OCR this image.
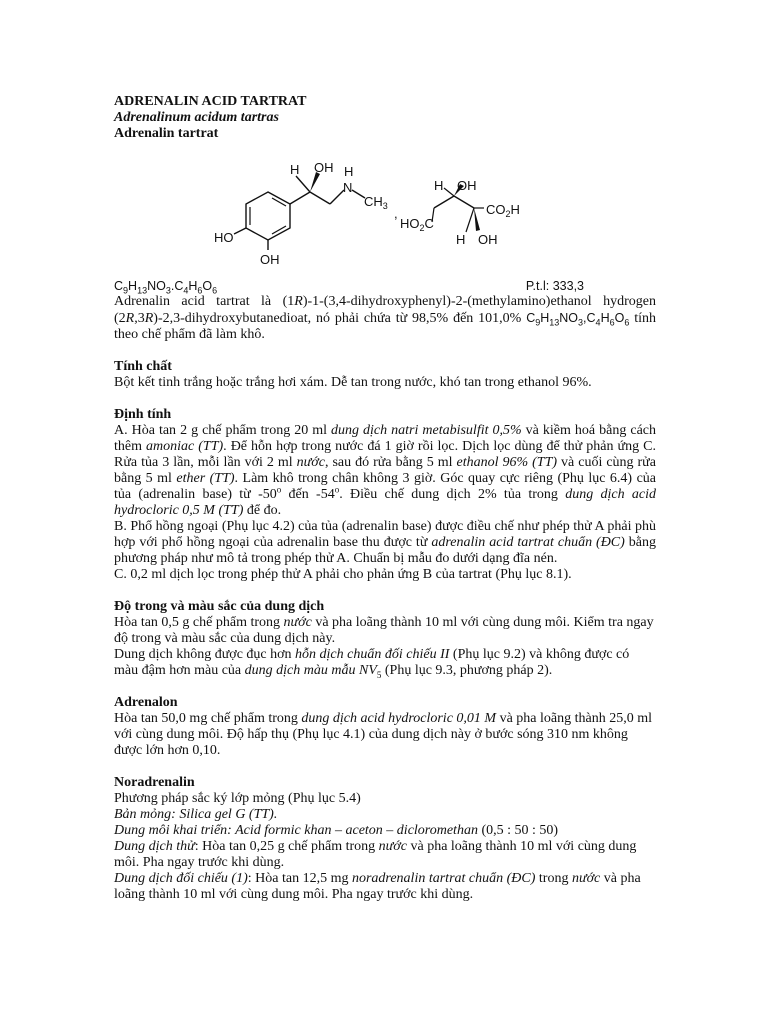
ADRENALIN ACID TARTRAT
Adrenalinum acidum tartras
Adrenalin tartrat
HO
OH
H OH H
N
$CH_3$ ,
H OH
$HO_2C$
$CO_2H$
H OH
$C_9H_{13}NO_3.C_4H_6O_6$	P.t.l: 333,3

Adrenalin acid tartrat là (1R)-1-(3,4-dihydroxyphenyl)-2-(methylamino)ethanol hydrogen (2R,3R)-2,3-dihydroxybutanedioat, nó phải chứa từ 98,5% đến 101,0% $C_9H_{13}NO_3,C_4H_6O_6$ tính theo chế phẩm đã làm khô.

Tính chất

Bột kết tinh trắng hoặc trắng hơi xám. Dễ tan trong nước, khó tan trong ethanol 96%.

Định tính

A. Hòa tan 2 g chế phẩm trong 20 ml dung dịch natri metabisulfit 0,5% và kiềm hoá bằng cách thêm amoniac (TT). Để hỗn hợp trong nước đá 1 giờ rồi lọc. Dịch lọc dùng để thử phản ứng C. Rửa tủa 3 lần, mỗi lần với 2 ml nước, sau đó rửa bằng 5 ml ethanol 96% (TT) và cuối cùng rửa bằng 5 ml ether (TT). Làm khô trong chân không 3 giờ. Góc quay cực riêng (Phụ lục 6.4) của tủa (adrenalin base) từ -50$^o$ đến -54$^o$. Điều chế dung dịch 2% tủa trong dung dịch acid hydrocloric 0,5 M (TT) để đo.

B. Phổ hồng ngoại (Phụ lục 4.2) của tủa (adrenalin base) được điều chế như phép thử A phải phù hợp với phổ hồng ngoại của adrenalin base thu được từ adrenalin acid tartrat chuẩn (ĐC) bằng phương pháp như mô tả trong phép thử A. Chuẩn bị mẫu đo dưới dạng đĩa nén.

C. 0,2 ml dịch lọc trong phép thử A phải cho phản ứng B của tartrat (Phụ lục 8.1).

Độ trong và màu sắc của dung dịch

Hòa tan 0,5 g chế phẩm trong nước và pha loãng thành 10 ml với cùng dung môi. Kiểm tra ngay độ trong và màu sắc của dung dịch này.

Dung dịch không được đục hơn hỗn dịch chuẩn đối chiếu II (Phụ lục 9.2) và không được có màu đậm hơn màu của dung dịch màu mẫu $NV_5$ (Phụ lục 9.3, phương pháp 2).

Adrenalon

Hòa tan 50,0 mg chế phẩm trong dung dịch acid hydrocloric 0,01 M và pha loãng thành 25,0 ml với cùng dung môi. Độ hấp thụ (Phụ lục 4.1) của dung dịch này ở bước sóng 310 nm không được lớn hơn 0,10.

Noradrenalin

Phương pháp sắc ký lớp mỏng (Phụ lục 5.4)

Bản mỏng: Silica gel G (TT).

Dung môi khai triển: Acid formic khan – aceton – dicloromethan (0,5 : 50 : 50)

Dung dịch thử: Hòa tan 0,25 g chế phẩm trong nước và pha loãng thành 10 ml với cùng dung môi. Pha ngay trước khi dùng.

Dung dịch đối chiếu (1): Hòa tan 12,5 mg noradrenalin tartrat chuẩn (ĐC) trong nước và pha loãng thành 10 ml với cùng dung môi. Pha ngay trước khi dùng.
